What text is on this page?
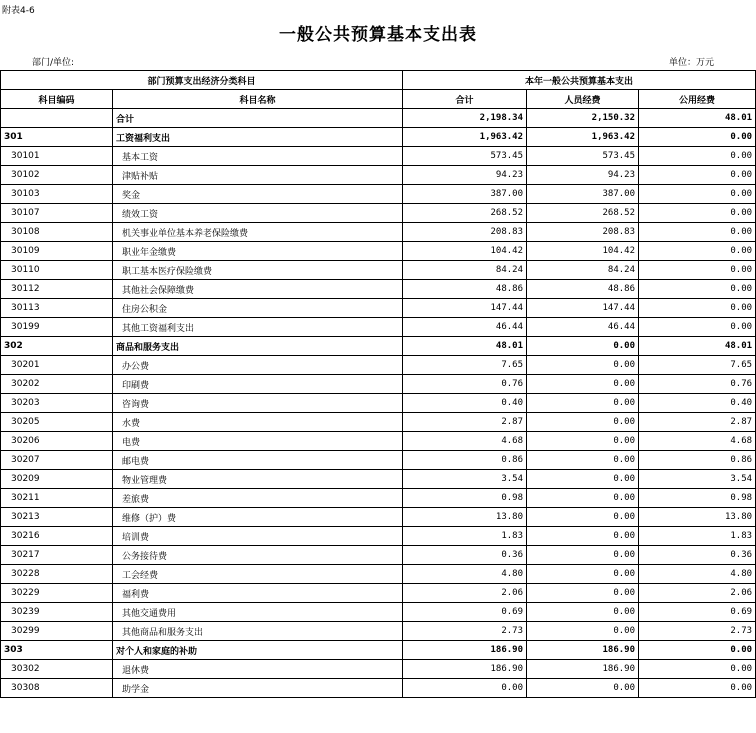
附表4-6
一般公共预算基本支出表
部门/单位:	单位：万元
部门预算支出经济分类科目		本年一般公共预算基本支出		
科目编码	科目名称	合计	人员经费	公用经费
	合计	2,198.34	2,150.32	48.01
301	工资福利支出	1,963.42	1,963.42	0.00
30101	基本工资	573.45	573.45	0.00
30102	津贴补贴	94.23	94.23	0.00
30103	奖金	387.00	387.00	0.00
30107	绩效工资	268.52	268.52	0.00
30108	机关事业单位基本养老保险缴费	208.83	208.83	0.00
30109	职业年金缴费	104.42	104.42	0.00
30110	职工基本医疗保险缴费	84.24	84.24	0.00
30112	其他社会保障缴费	48.86	48.86	0.00
30113	住房公积金	147.44	147.44	0.00
30199	其他工资福利支出	46.44	46.44	0.00
302	商品和服务支出	48.01	0.00	48.01
30201	办公费	7.65	0.00	7.65
30202	印刷费	0.76	0.00	0.76
30203	咨询费	0.40	0.00	0.40
30205	水费	2.87	0.00	2.87
30206	电费	4.68	0.00	4.68
30207	邮电费	0.86	0.00	0.86
30209	物业管理费	3.54	0.00	3.54
30211	差旅费	0.98	0.00	0.98
30213	维修（护）费	13.80	0.00	13.80
30216	培训费	1.83	0.00	1.83
30217	公务接待费	0.36	0.00	0.36
30228	工会经费	4.80	0.00	4.80
30229	福利费	2.06	0.00	2.06
30239	其他交通费用	0.69	0.00	0.69
30299	其他商品和服务支出	2.73	0.00	2.73
303	对个人和家庭的补助	186.90	186.90	0.00
30302	退休费	186.90	186.90	0.00
30308	助学金	0.00	0.00	0.00
